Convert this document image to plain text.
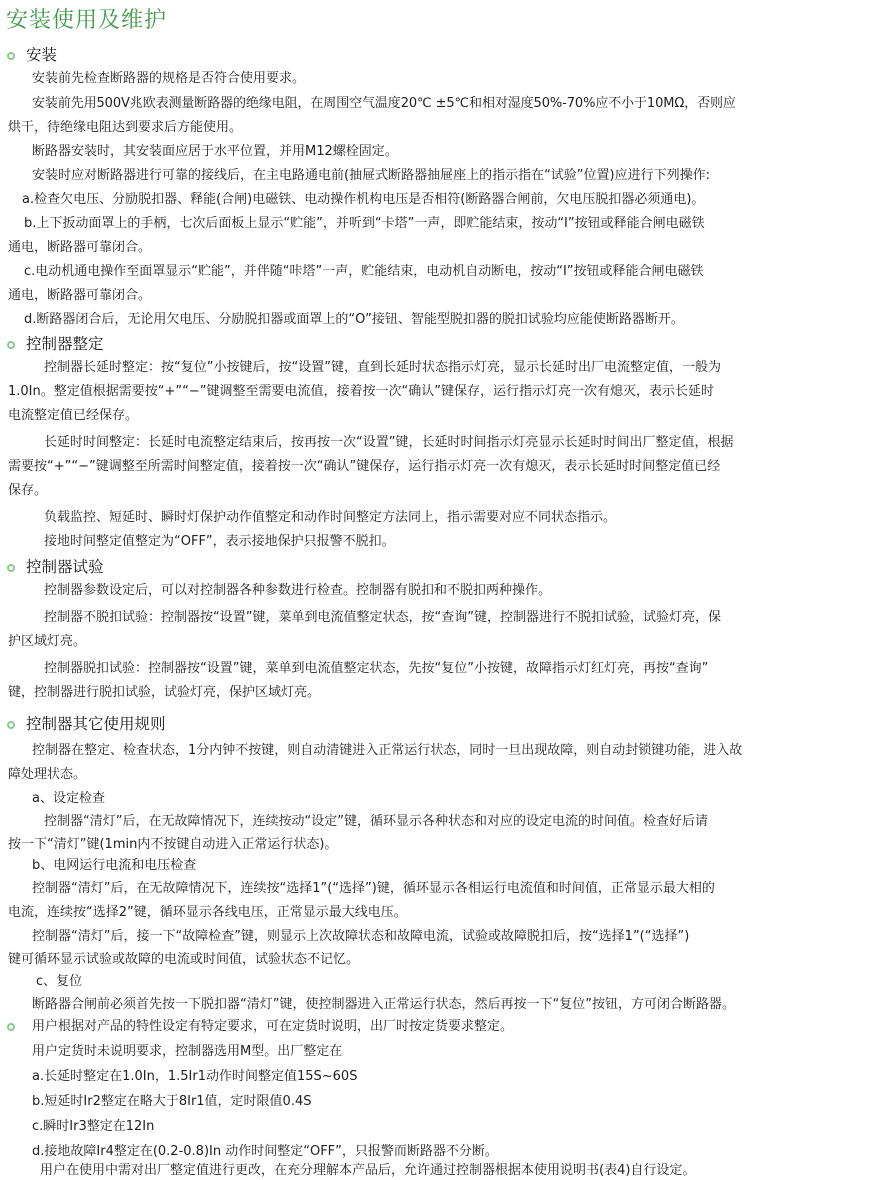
安装使用及维护
安装
安装前先检查断路器的规格是否符合使用要求。
安装前先用500V兆欧表测量断路器的绝缘电阻，在周围空气温度20℃ ±5℃和相对湿度50%-70%应不小于10MΩ，否则应
烘干，待绝缘电阻达到要求后方能使用。
断路器安装时，其安装面应居于水平位置，并用M12螺栓固定。
安装时应对断路器进行可靠的接线后，在主电路通电前(抽屉式断路器抽屉座上的指示指在“试验”位置)应进行下列操作:
a.检查欠电压、分励脱扣器、释能(合闸)电磁铁、电动操作机构电压是否相符(断路器合闸前，欠电压脱扣器必须通电)。
b.上下扳动面罩上的手柄，七次后面板上显示“贮能”，并听到“卡塔”一声，即贮能结束，按动“I”按钮或释能合闸电磁铁
通电，断路器可靠闭合。
c.电动机通电操作至面罩显示“贮能”，并伴随“咔塔”一声，贮能结束，电动机自动断电，按动“I”按钮或释能合闸电磁铁
通电，断路器可靠闭合。
d.断路器闭合后，无论用欠电压、分励脱扣器或面罩上的“O”接钮、智能型脱扣器的脱扣试验均应能使断路器断开。
控制器整定
控制器长延时整定：按“复位”小按键后，按“设置”键，直到长延时状态指示灯亮，显示长延时出厂电流整定值，一般为
1.0In。整定值根据需要按“+”“−”键调整至需要电流值，接着按一次“确认”键保存，运行指示灯亮一次有熄灭，表示长延时
电流整定值已经保存。
长延时时间整定：长延时电流整定结束后，按再按一次“设置”键，长延时时间指示灯亮显示长延时时间出厂整定值，根据
需要按“+”“−”键调整至所需时间整定值，接着按一次“确认”键保存，运行指示灯亮一次有熄灭，表示长延时时间整定值已经
保存。
负载监控、短延时、瞬时灯保护动作值整定和动作时间整定方法同上，指示需要对应不同状态指示。
接地时间整定值整定为“OFF”，表示接地保护只报警不脱扣。
控制器试验
控制器参数设定后，可以对控制器各种参数进行检查。控制器有脱扣和不脱扣两种操作。
控制器不脱扣试验：控制器按“设置”键，菜单到电流值整定状态，按“查询”键，控制器进行不脱扣试验，试验灯亮，保
护区域灯亮。
控制器脱扣试验：控制器按“设置”键，菜单到电流值整定状态，先按“复位”小按键，故障指示灯红灯亮，再按“查询”
键，控制器进行脱扣试验，试验灯亮，保护区域灯亮。
控制器其它使用规则
控制器在整定、检查状态，1分内钟不按键，则自动清键进入正常运行状态，同时一旦出现故障，则自动封锁键功能，进入故
障处理状态。
a、设定检查
控制器“清灯”后，在无故障情况下，连续按动“设定”键，循环显示各种状态和对应的设定电流的时间值。检查好后请
按一下“清灯”键(1min内不按键自动进入正常运行状态)。
b、电网运行电流和电压检查
控制器“清灯”后，在无故障情况下，连续按“选择1”(“选择”)键，循环显示各相运行电流值和时间值，正常显示最大相的
电流，连续按“选择2”键，循环显示各线电压，正常显示最大线电压。
控制器“清灯”后，接一下“故障检查”键，则显示上次故障状态和故障电流，试验或故障脱扣后，按“选择1”(“选择”)
键可循环显示试验或故障的电流或时间值，试验状态不记忆。
c、复位
断路器合闸前必须首先按一下脱扣器“清灯”键，使控制器进入正常运行状态，然后再按一下“复位”按钮，方可闭合断路器。
用户根据对产品的特性设定有特定要求，可在定货时说明，出厂时按定货要求整定。
用户定货时未说明要求，控制器选用M型。出厂整定在
a.长延时整定在1.0In，1.5Ir1动作时间整定值15S~60S
b.短延时Ir2整定在略大于8Ir1值，定时限值0.4S
c.瞬时Ir3整定在12In
d.接地故障Ir4整定在(0.2-0.8)In 动作时间整定“OFF”，只报警而断路器不分断。
用户在使用中需对出厂整定值进行更改，在充分理解本产品后，允许通过控制器根据本使用说明书(表4)自行设定。
